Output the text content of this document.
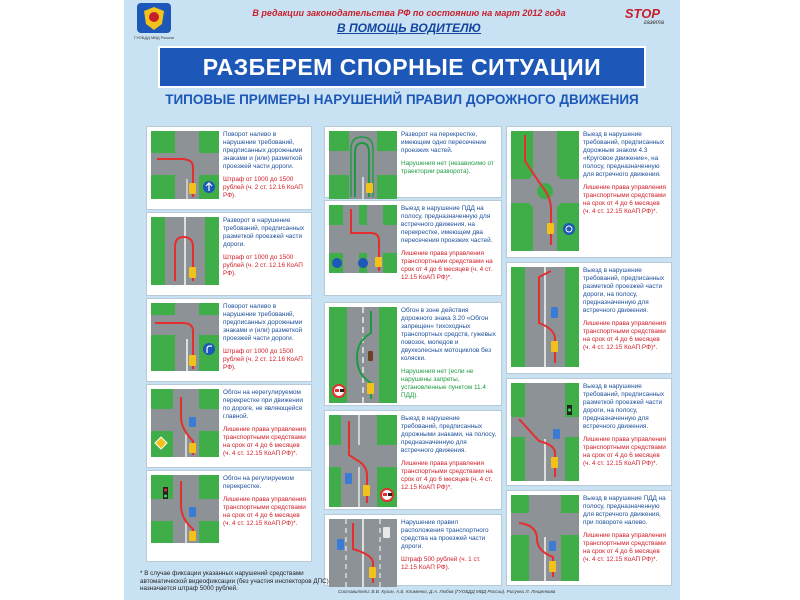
ГУОБДД МВД России
В редакции законодательства РФ по состоянию на март 2012 года
В ПОМОЩЬ ВОДИТЕЛЮ
STOP
газета
РАЗБЕРЕМ СПОРНЫЕ СИТУАЦИИ
ТИПОВЫЕ ПРИМЕРЫ НАРУШЕНИЙ ПРАВИЛ ДОРОЖНОГО ДВИЖЕНИЯ
Поворот налево в нарушение требований, предписанных дорожными знаками и (или) разметкой проезжей части дороги.
Штраф от 1000 до 1500 рублей (ч. 2 ст. 12.16 КоАП РФ).
Разворот в нарушение требований, предписанных разметкой проезжей части дороги.
Штраф от 1000 до 1500 рублей (ч. 2 ст. 12.16 КоАП РФ).
Поворот налево в нарушение требований, предписанных дорожными знаками и (или) разметкой проезжей части дороги.
Штраф от 1000 до 1500 рублей (ч. 2 ст. 12.16 КоАП РФ).
Обгон на нерегулируемом перекрестке при движении по дороге, не являющейся главной.
Лишение права управления транспортными средствами на срок от 4 до 6 месяцев (ч. 4 ст. 12.15 КоАП РФ)*.
Обгон на регулируемом перекрестке.
Лишение права управления транспортными средствами на срок от 4 до 6 месяцев (ч. 4 ст. 12.15 КоАП РФ)*.
Разворот на перекрестке, имеющем одно пересечение проезжих частей.
Нарушения нет (независимо от траектории разворота).
Выезд в нарушение ПДД на полосу, предназначенную для встречного движения, на перекрестке, имеющем два пересечения проезжих частей.
Лишение права управления транспортными средствами на срок от 4 до 6 месяцев (ч. 4 ст. 12.15 КоАП РФ)*.
Обгон в зоне действия дорожного знака 3.20 «Обгон запрещен» тихоходных транспортных средств, гужевых повозок, мопедов и двухколесных мотоциклов без коляски.
Нарушения нет (если не нарушены запреты, установленные пунктом 11.4 ПДД).
Выезд в нарушение требований, предписанных дорожными знаками, на полосу, предназначенную для встречного движения.
Лишение права управления транспортными средствами на срок от 4 до 6 месяцев (ч. 4 ст. 12.15 КоАП РФ)*.
Нарушение правил расположения транспортного средства на проезжей части дороги.
Штраф 500 рублей (ч. 1 ст. 12.15 КоАП РФ).
Выезд в нарушение требований, предписанных дорожным знаком 4.3 «Круговое движение», на полосу, предназначенную для встречного движения.
Лишение права управления транспортными средствами на срок от 4 до 6 месяцев (ч. 4 ст. 12.15 КоАП РФ)*.
Выезд в нарушение требований, предписанных разметкой проезжей части дороги, на полосу, предназначенную для встречного движения.
Лишение права управления транспортными средствами на срок от 4 до 6 месяцев (ч. 4 ст. 12.15 КоАП РФ)*.
Выезд в нарушение требований, предписанных разметкой проезжей части дороги, на полосу, предназначенную для встречного движения.
Лишение права управления транспортными средствами на срок от 4 до 6 месяцев (ч. 4 ст. 12.15 КоАП РФ)*.
Выезд в нарушение ПДД на полосу, предназначенную для встречного движения, при повороте налево.
Лишение права управления транспортными средствами на срок от 4 до 6 месяцев (ч. 4 ст. 12.15 КоАП РФ)*.
* В случае фиксации указанных нарушений средствами автоматической видеофиксации (без участия инспекторов ДПС) назначается штраф 5000 рублей.	Составители: В.В. Кузин, А.Б. Клименко, Д.А. Любов (ГУОБДД МВД России). Рисунки Л. Лещенкова
